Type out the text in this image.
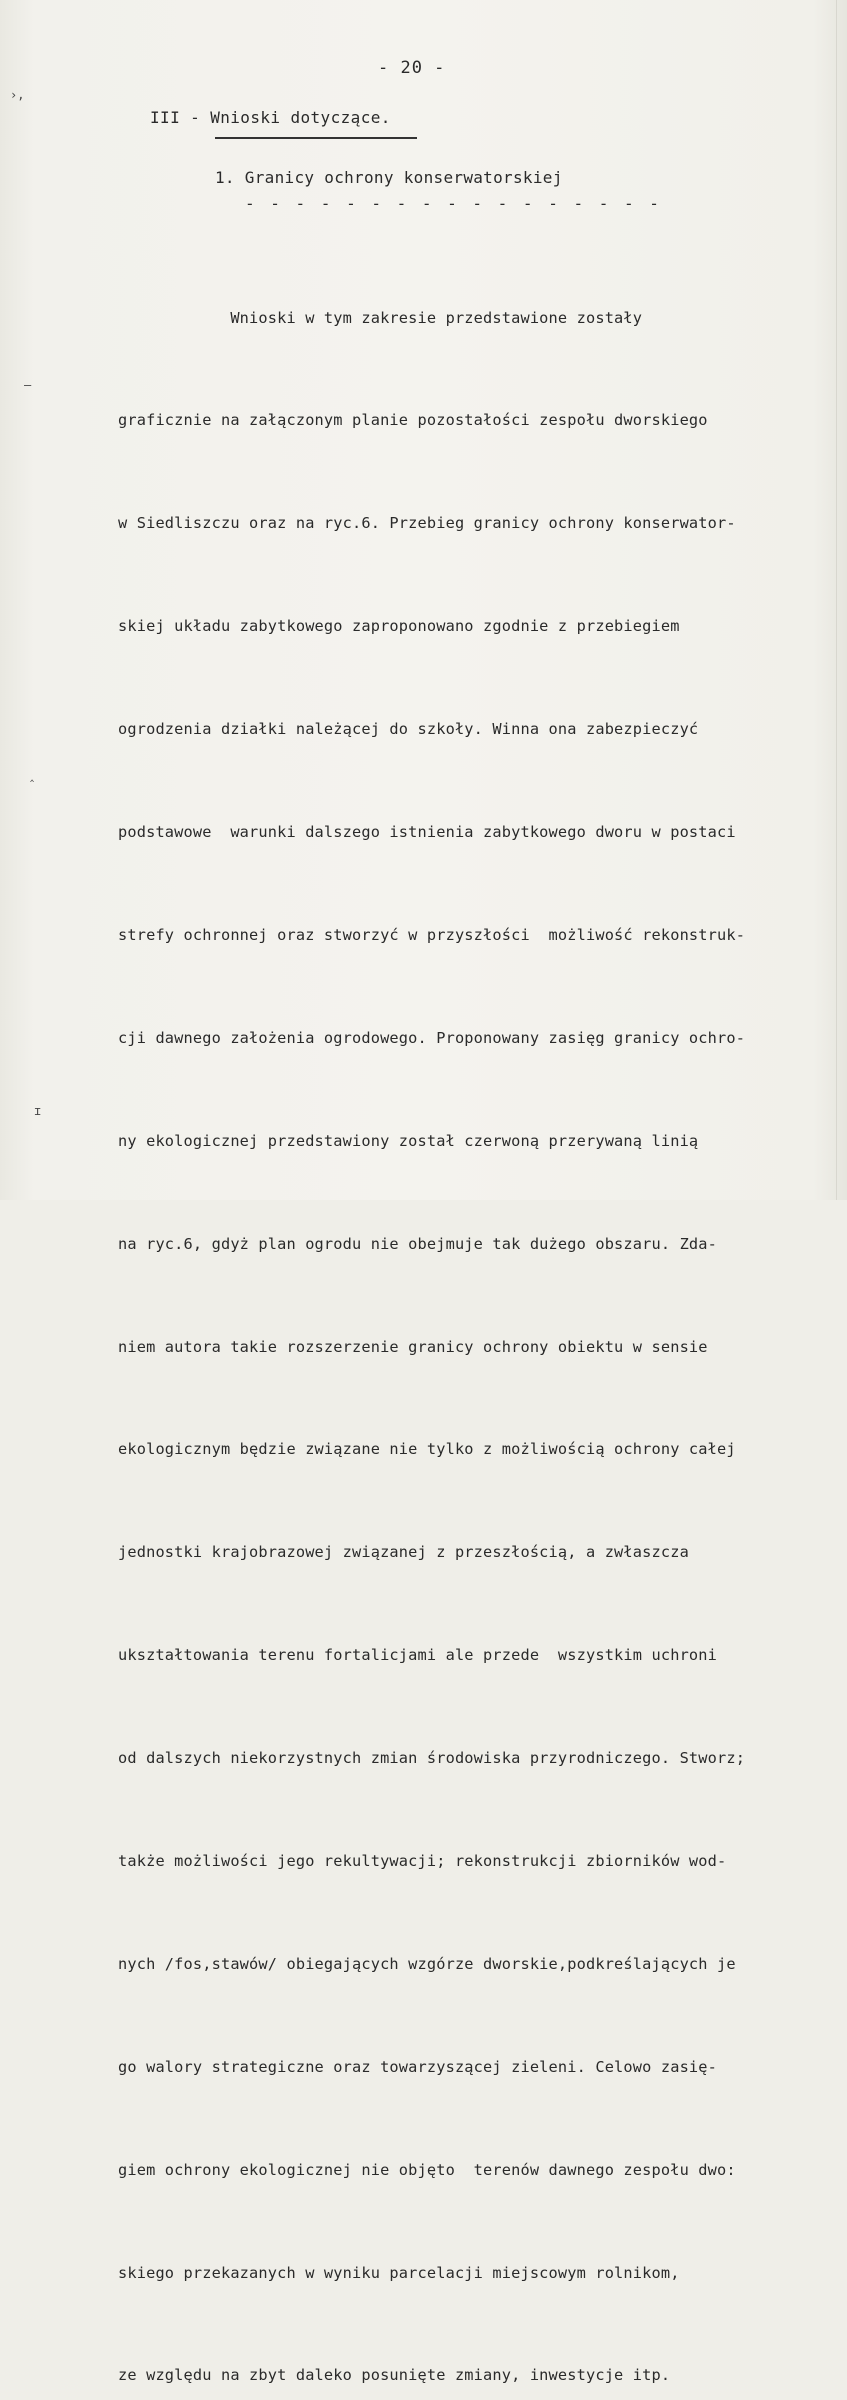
- 20 -
III - Wnioski dotyczące.
1. Granicy ochrony konserwatorskiej
- - - - - - - - - - - - - - - - -

Wnioski w tym zakresie przedstawione zostały

graficznie na załączonym planie pozostałości zespołu dworskiego

w Siedliszczu oraz na ryc.6. Przebieg granicy ochrony konserwator-

skiej układu zabytkowego zaproponowano zgodnie z przebiegiem

ogrodzenia działki należącej do szkoły. Winna ona zabezpieczyć

podstawowe  warunki dalszego istnienia zabytkowego dworu w postaci

strefy ochronnej oraz stworzyć w przyszłości  możliwość rekonstruk-

cji dawnego założenia ogrodowego. Proponowany zasięg granicy ochro-

ny ekologicznej przedstawiony został czerwoną przerywaną linią

na ryc.6, gdyż plan ogrodu nie obejmuje tak dużego obszaru. Zda-

niem autora takie rozszerzenie granicy ochrony obiektu w sensie

ekologicznym będzie związane nie tylko z możliwością ochrony całej

jednostki krajobrazowej związanej z przeszłością, a zwłaszcza

ukształtowania terenu fortalicjami ale przede  wszystkim uchroni

od dalszych niekorzystnych zmian środowiska przyrodniczego. Stworz;

także możliwości jego rekultywacji; rekonstrukcji zbiorników wod-

nych /fos,stawów/ obiegających wzgórze dworskie,podkreślających je

go walory strategiczne oraz towarzyszącej zieleni. Celowo zasię-

giem ochrony ekologicznej nie objęto  terenów dawnego zespołu dwo:

skiego przekazanych w wyniku parcelacji miejscowym rolnikom,

ze względu na zbyt daleko posunięte zmiany, inwestycje itp.

›‚
‒
‸
ɪ
